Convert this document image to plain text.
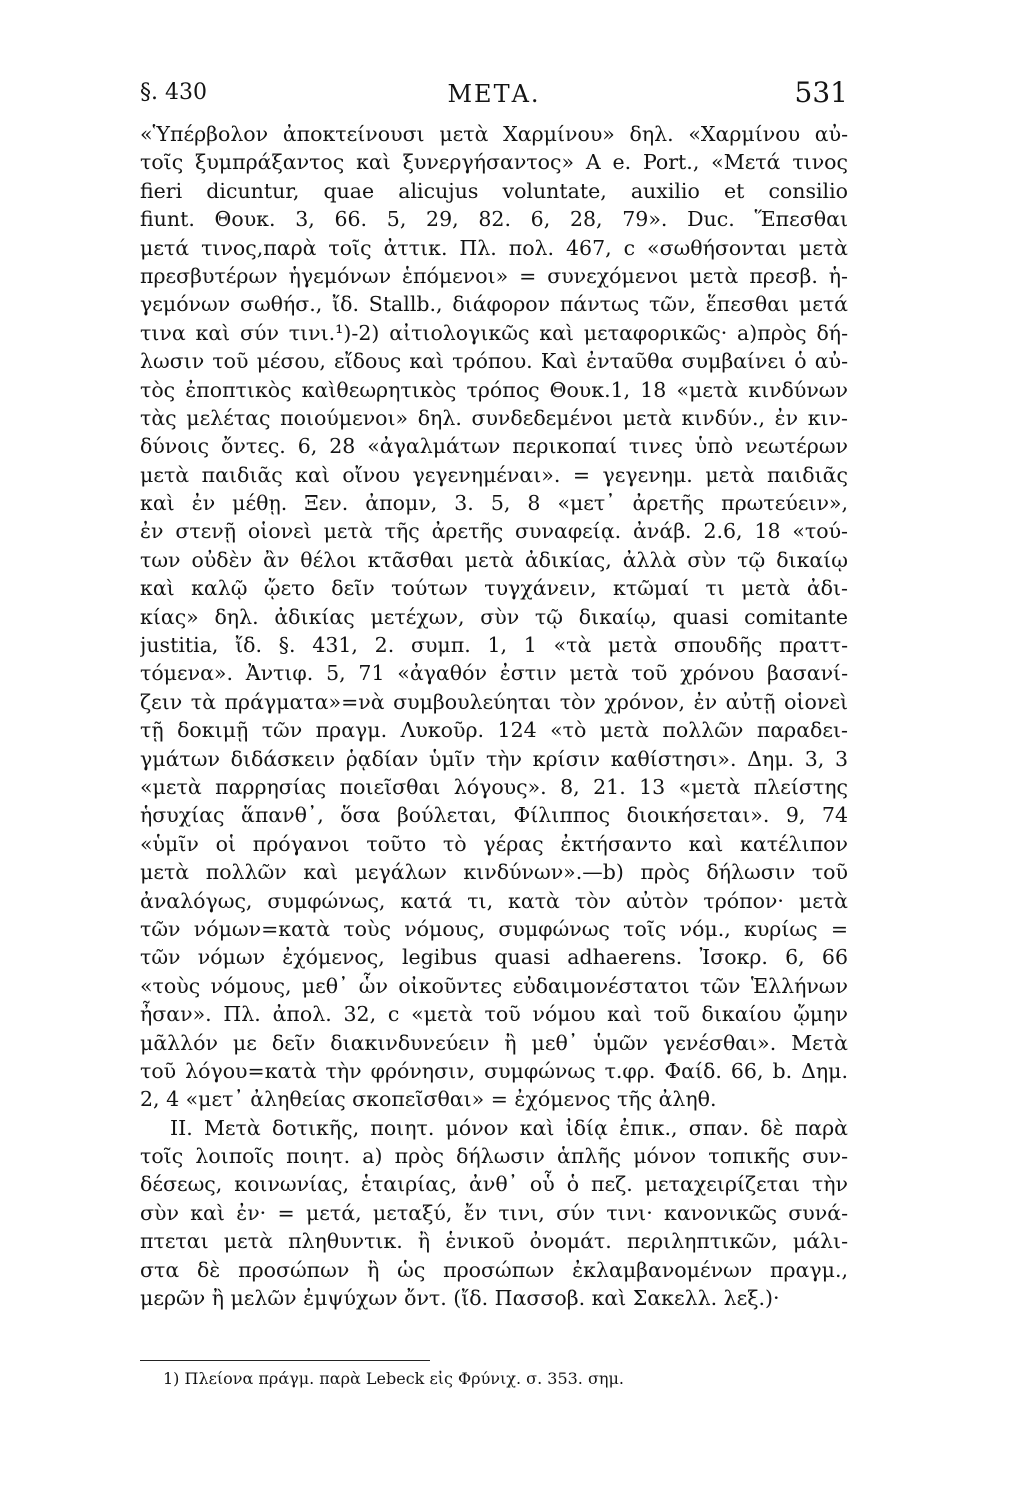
§. 430	ΜΕΤΑ.	531
«Ὑπέρβολον ἀποκτείνουσι μετὰ Χαρμίνου» δηλ. «Χαρμίνου αὐ-
τοῖς ξυμπράξαντος καὶ ξυνεργήσαντος» A e. Port., «Μετά τινος
fieri dicuntur, quae alicujus voluntate, auxilio et consilio
fiunt. Θουκ. 3, 66. 5, 29, 82. 6, 28, 79». Duc. Ἕπεσθαι
μετά τινος,παρὰ τοῖς ἀττικ. Πλ. πολ. 467, c «σωθήσονται μετὰ
πρεσβυτέρων ἡγεμόνων ἑπόμενοι» = συνεχόμενοι μετὰ πρεσβ. ἡ-
γεμόνων σωθήσ., ἴδ. Stallb., διάφορον πάντως τῶν, ἕπεσθαι μετά
τινα καὶ σύν τινι.¹)-2) αἰτιολογικῶς καὶ μεταφορικῶς· a)πρὸς δή-
λωσιν τοῦ μέσου, εἴδους καὶ τρόπου. Καὶ ἐνταῦθα συμβαίνει ὁ αὐ-
τὸς ἐποπτικὸς καὶθεωρητικὸς τρόπος Θουκ.1, 18 «μετὰ κινδύνων
τὰς μελέτας ποιούμενοι» δηλ. συνδεδεμένοι μετὰ κινδύν., ἐν κιν-
δύνοις ὄντες. 6, 28 «ἀγαλμάτων περικοπαί τινες ὑπὸ νεωτέρων
μετὰ παιδιᾶς καὶ οἴνου γεγενημέναι». = γεγενημ. μετὰ παιδιᾶς
καὶ ἐν μέθῃ. Ξεν. ἀπομν, 3. 5, 8 «μετ᾽ ἀρετῆς πρωτεύειν»,
ἐν στενῇ οἱονεὶ μετὰ τῆς ἀρετῆς συναφείᾳ. ἀνάβ. 2.6, 18 «τού-
των οὐδὲν ἂν θέλοι κτᾶσθαι μετὰ ἀδικίας, ἀλλὰ σὺν τῷ δικαίῳ
καὶ καλῷ ᾤετο δεῖν τούτων τυγχάνειν, κτῶμαί τι μετὰ ἀδι-
κίας» δηλ. ἀδικίας μετέχων, σὺν τῷ δικαίῳ, quasi comitante
justitia, ἴδ. §. 431, 2. συμπ. 1, 1 «τὰ μετὰ σπουδῆς πραττ-
τόμενα». Ἀντιφ. 5, 71 «ἀγαθόν ἐστιν μετὰ τοῦ χρόνου βασανί-
ζειν τὰ πράγματα»=νὰ συμβουλεύηται τὸν χρόνον, ἐν αὐτῇ οἱονεὶ
τῇ δοκιμῇ τῶν πραγμ. Λυκοῦρ. 124 «τὸ μετὰ πολλῶν παραδει-
γμάτων διδάσκειν ῥᾳδίαν ὑμῖν τὴν κρίσιν καθίστησι». Δημ. 3, 3
«μετὰ παρρησίας ποιεῖσθαι λόγους». 8, 21. 13 «μετὰ πλείστης
ἡσυχίας ἅπανθ᾽, ὅσα βούλεται, Φίλιππος διοικήσεται». 9, 74
«ὑμῖν οἱ πρόγανοι τοῦτο τὸ γέρας ἐκτήσαντο καὶ κατέλιπον
μετὰ πολλῶν καὶ μεγάλων κινδύνων».—b) πρὸς δήλωσιν τοῦ
ἀναλόγως, συμφώνως, κατά τι, κατὰ τὸν αὐτὸν τρόπον· μετὰ
τῶν νόμων=κατὰ τοὺς νόμους, συμφώνως τοῖς νόμ., κυρίως =
τῶν νόμων ἐχόμενος, legibus quasi adhaerens. Ἰσοκρ. 6, 66
«τοὺς νόμους, μεθ᾽ ὧν οἰκοῦντες εὐδαιμονέστατοι τῶν Ἑλλήνων
ἦσαν». Πλ. ἀπολ. 32, c «μετὰ τοῦ νόμου καὶ τοῦ δικαίου ᾤμην
μᾶλλόν με δεῖν διακινδυνεύειν ἢ μεθ᾽ ὑμῶν γενέσθαι». Μετὰ
τοῦ λόγου=κατὰ τὴν φρόνησιν, συμφώνως τ.φρ. Φαίδ. 66, b. Δημ.
2, 4 «μετ᾽ ἀληθείας σκοπεῖσθαι» = ἐχόμενος τῆς ἀληθ.
II. Μετὰ δοτικῆς, ποιητ. μόνον καὶ ἰδίᾳ ἐπικ., σπαν. δὲ παρὰ
τοῖς λοιποῖς ποιητ. a) πρὸς δήλωσιν ἁπλῆς μόνον τοπικῆς συν-
δέσεως, κοινωνίας, ἑταιρίας, ἀνθ᾽ οὗ ὁ πεζ. μεταχειρίζεται τὴν
σὺν καὶ ἐν· = μετά, μεταξύ, ἔν τινι, σύν τινι· κανονικῶς συνά-
πτεται μετὰ πληθυντικ. ἢ ἑνικοῦ ὀνομάτ. περιληπτικῶν, μάλι-
στα δὲ προσώπων ἢ ὡς προσώπων ἐκλαμβανομένων πραγμ.,
μερῶν ἢ μελῶν ἐμψύχων ὄντ. (ἴδ. Πασσοβ. καὶ Σακελλ. λεξ.)·
1) Πλείονα πράγμ. παρὰ Lebeck εἰς Φρύνιχ. σ. 353. σημ.
